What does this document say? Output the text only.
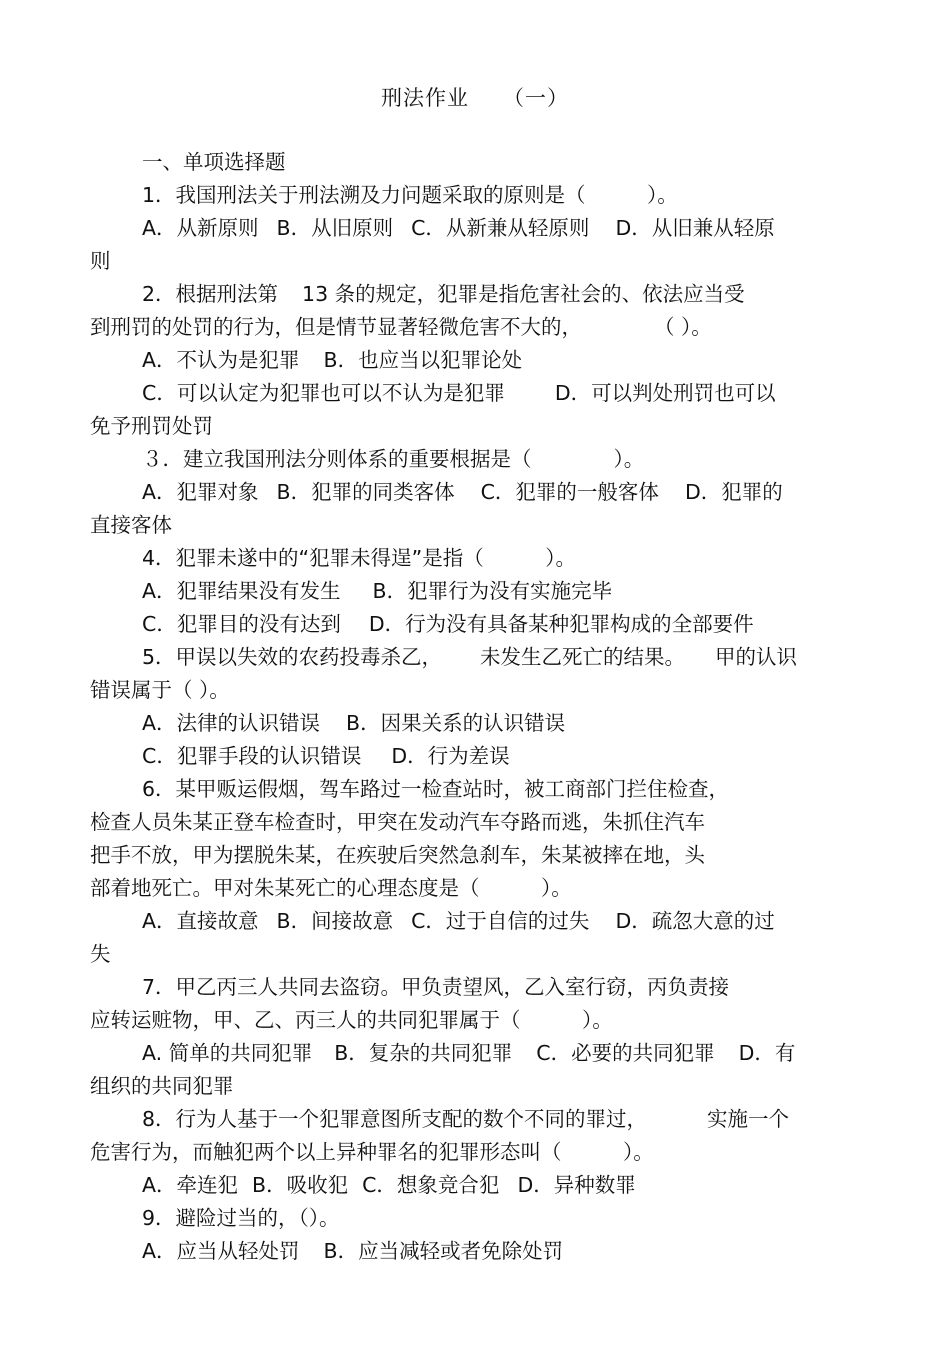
刑法作业 （一）
一、单项选择题
1．我国刑法关于刑法溯及力问题采取的原则是（　　　）。
A．从新原则 B．从旧原则 C．从新兼从轻原则 D．从旧兼从轻原
则
2．根据刑法第 13 条的规定，犯罪是指危害社会的、依法应当受
到刑罚的处罚的行为，但是情节显著轻微危害不大的，	（ ）。
A．不认为是犯罪 B．也应当以犯罪论处
C．可以认定为犯罪也可以不认为是犯罪 D．可以判处刑罚也可以
免予刑罚处罚
３．建立我国刑法分则体系的重要根据是（　　　　）。
A．犯罪对象 B．犯罪的同类客体 C．犯罪的一般客体 D．犯罪的
直接客体
4．犯罪未遂中的“犯罪未得逞”是指（　　　）。
A．犯罪结果没有发生 B．犯罪行为没有实施完毕
C．犯罪目的没有达到 D．行为没有具备某种犯罪构成的全部要件
5．甲误以失效的农药投毒杀乙， 未发生乙死亡的结果。 甲的认识
错误属于（ ）。
A．法律的认识错误 B．因果关系的认识错误
C．犯罪手段的认识错误 D．行为差误
6．某甲贩运假烟，驾车路过一检查站时，被工商部门拦住检查，
检查人员朱某正登车检查时，甲突在发动汽车夺路而逃，朱抓住汽车
把手不放，甲为摆脱朱某，在疾驶后突然急刹车，朱某被摔在地，头
部着地死亡。甲对朱某死亡的心理态度是（　　　）。
A．直接故意 B．间接故意 C．过于自信的过失 D．疏忽大意的过
失
7．甲乙丙三人共同去盗窃。甲负责望风，乙入室行窃，丙负责接
应转运赃物，甲、乙、丙三人的共同犯罪属于（　　　）。
A. 简单的共同犯罪 B．复杂的共同犯罪 C．必要的共同犯罪 D．有
组织的共同犯罪
8．行为人基于一个犯罪意图所支配的数个不同的罪过，	实施一个
危害行为，而触犯两个以上异种罪名的犯罪形态叫（　　　）。
A．牵连犯 B．吸收犯 C．想象竞合犯 D．异种数罪
9．避险过当的，（）。
A．应当从轻处罚 B．应当减轻或者免除处罚
